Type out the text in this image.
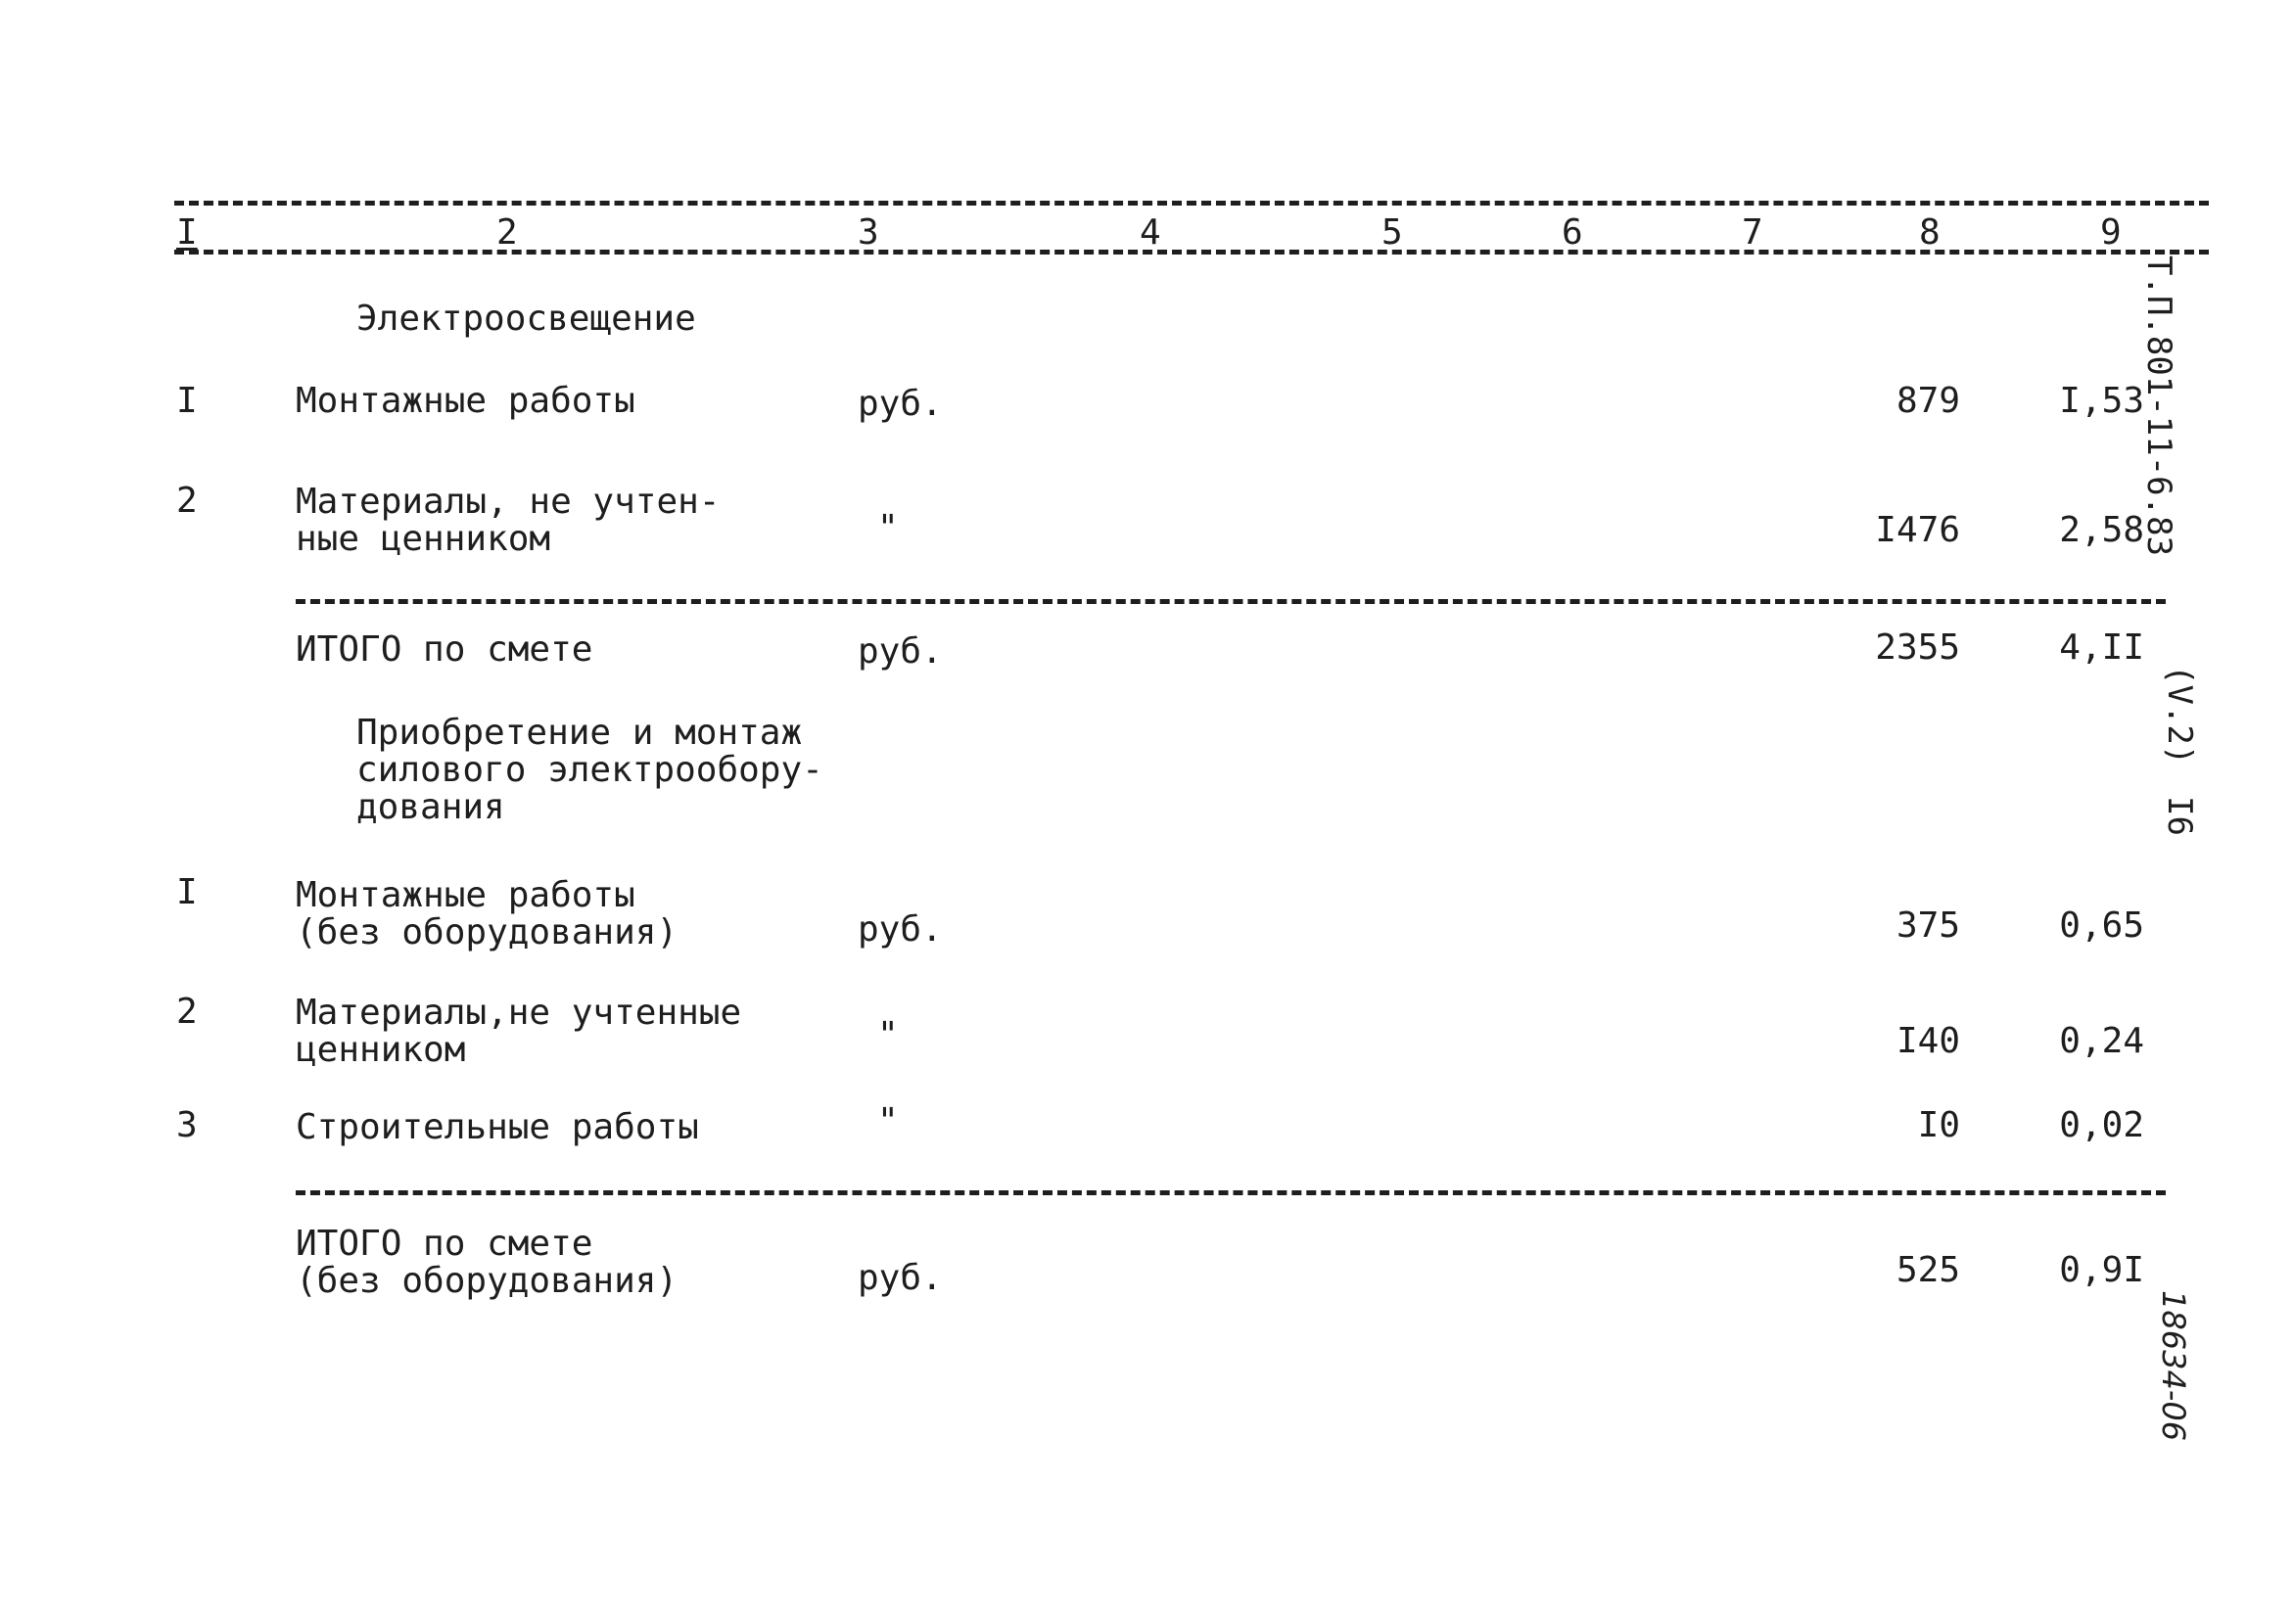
I	2	3	4	5	6	7	8	9
Электроосвещение
I	Монтажные работы	руб.	879	I,53
2	Материалы, не учтен-
ные ценником	"	I476	2,58
ИТОГО по смете	руб.	2355	4,II
Приобретение и монтаж
силового электрообору-
дования
I	Монтажные работы
(без оборудования)	руб.	375	0,65
2	Материалы,не учтенные
ценником	"	I40	0,24
3	Строительные работы	"	I0	0,02
ИТОГО по смете
(без оборудования)	руб.	525	0,9I
Т.П.801-11-6.83
(V.2)
I6
18634-06
